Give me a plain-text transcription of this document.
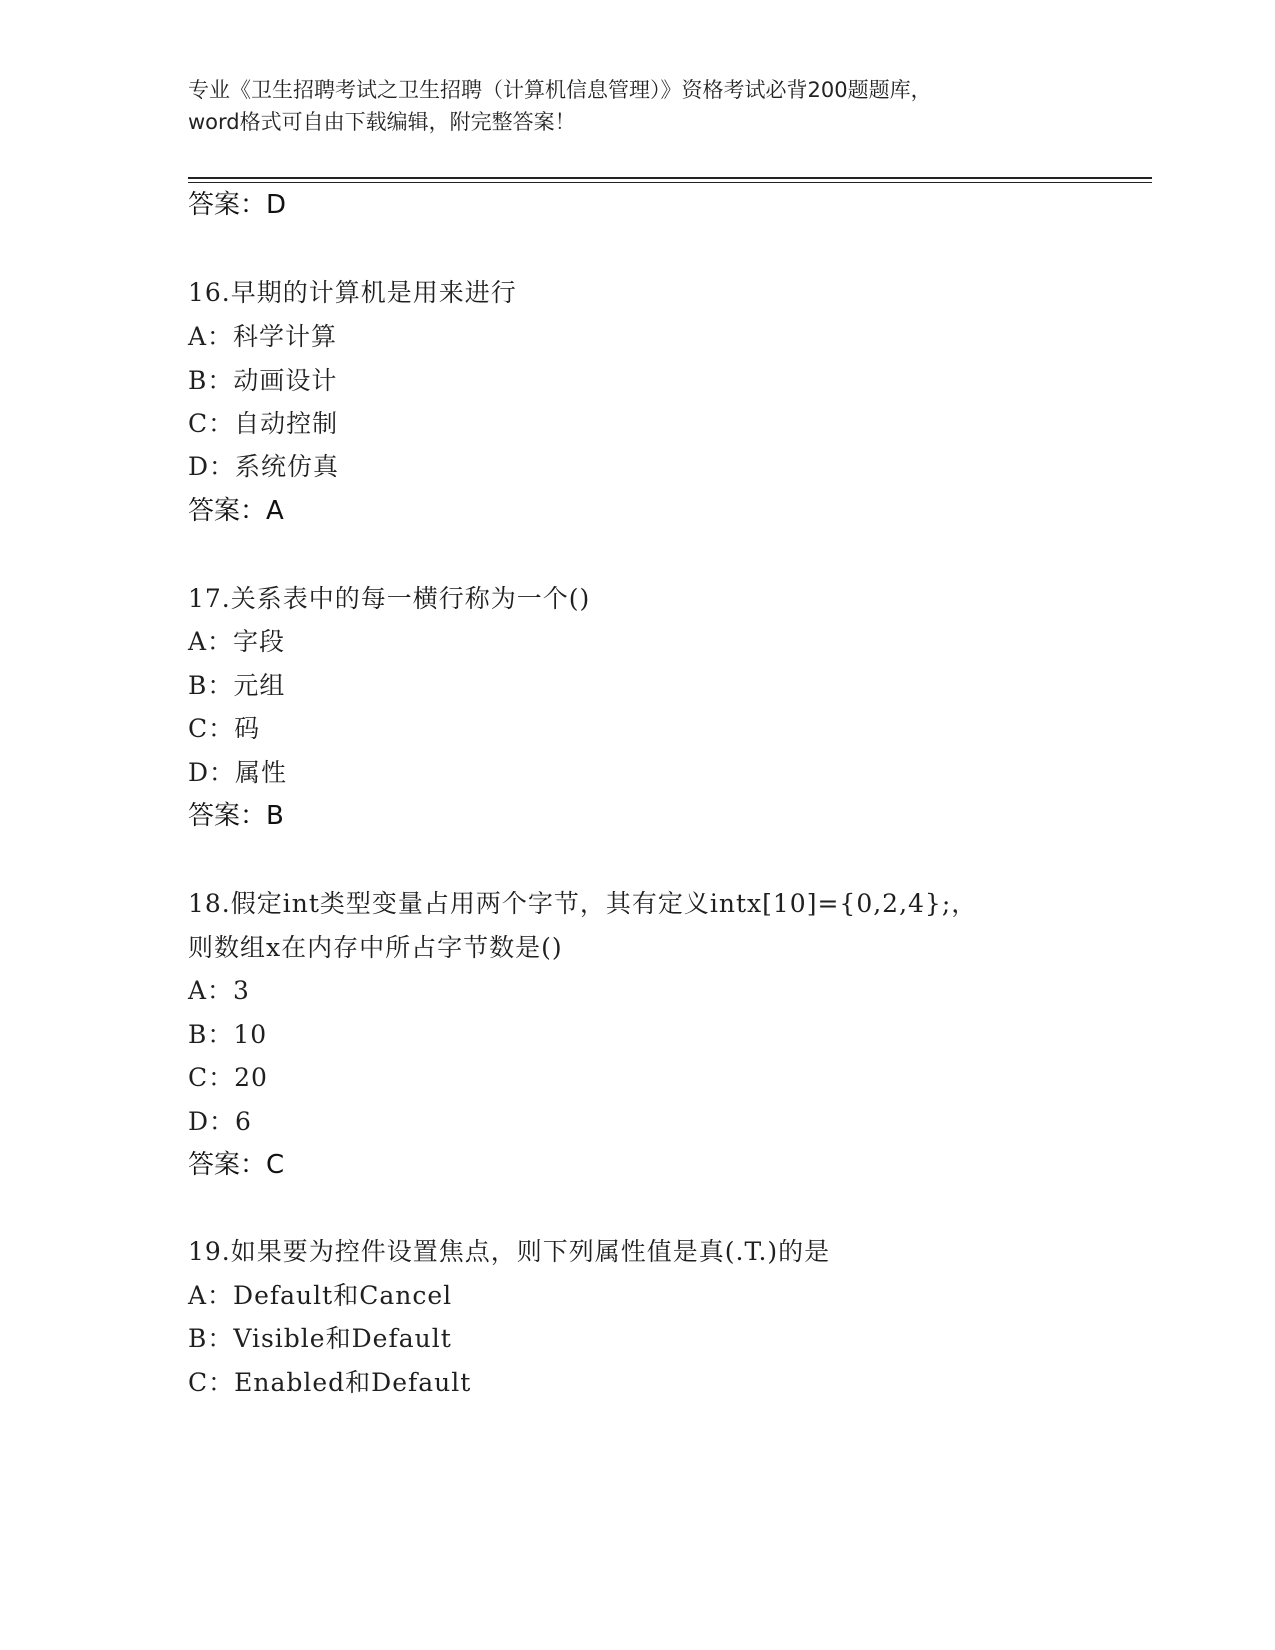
专业《卫生招聘考试之卫生招聘（计算机信息管理）》资格考试必背200题题库，
word格式可自由下载编辑，附完整答案！
答案：D
16.早期的计算机是用来进行
A：科学计算
B：动画设计
C：自动控制
D：系统仿真
答案：A
17.关系表中的每一横行称为一个()
A：字段
B：元组
C：码
D：属性
答案：B
18.假定int类型变量占用两个字节，其有定义intx[10]={0,2,4};，
则数组x在内存中所占字节数是()
A：3
B：10
C：20
D：6
答案：C
19.如果要为控件设置焦点，则下列属性值是真(.T.)的是
A：Default和Cancel
B：Visible和Default
C：Enabled和Default
